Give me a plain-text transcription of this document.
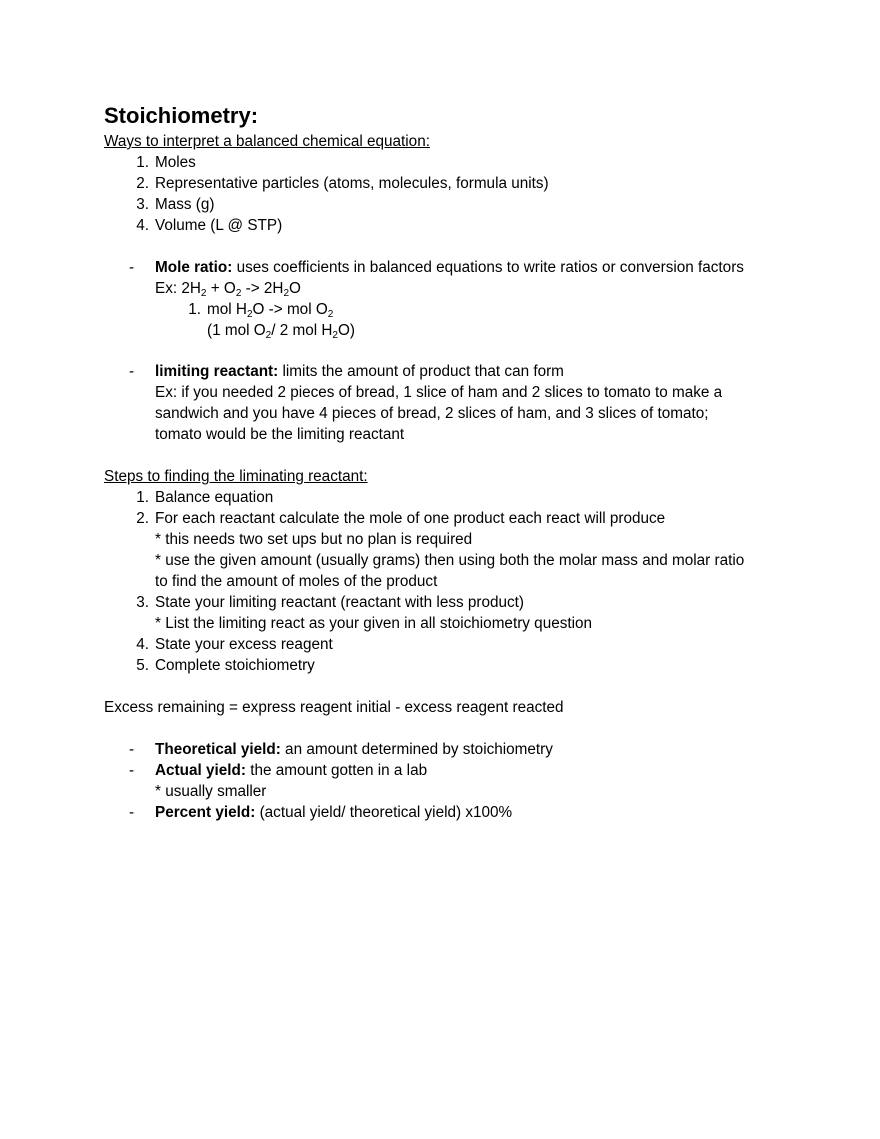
Stoichiometry:
Ways to interpret a balanced chemical equation:
1. Moles
2. Representative particles (atoms, molecules, formula units)
3. Mass (g)
4. Volume (L @ STP)
-	Mole ratio: uses coefficients in balanced equations to write ratios or conversion factors
Ex: $2H_2 + O_2 -> 2H_2O$
1. mol $H_2O$ -> mol $O_2$
(1 mol $O_2/$ 2 mol $H_2O$)
-	limiting reactant: limits the amount of product that can form
Ex: if you needed 2 pieces of bread, 1 slice of ham and 2 slices to tomato to make a
sandwich and you have 4 pieces of bread, 2 slices of ham, and 3 slices of tomato;
tomato would be the limiting reactant
Steps to finding the liminating reactant:
1. Balance equation
2. For each reactant calculate the mole of one product each react will produce
* this needs two set ups but no plan is required
* use the given amount (usually grams) then using both the molar mass and molar ratio
to find the amount of moles of the product
3. State your limiting reactant (reactant with less product)
* List the limiting react as your given in all stoichiometry question
4. State your excess reagent
5. Complete stoichiometry
Excess remaining = express reagent initial - excess reagent reacted
-	Theoretical yield: an amount determined by stoichiometry
-	Actual yield: the amount gotten in a lab
* usually smaller
-	Percent yield: (actual yield/ theoretical yield) x100%
